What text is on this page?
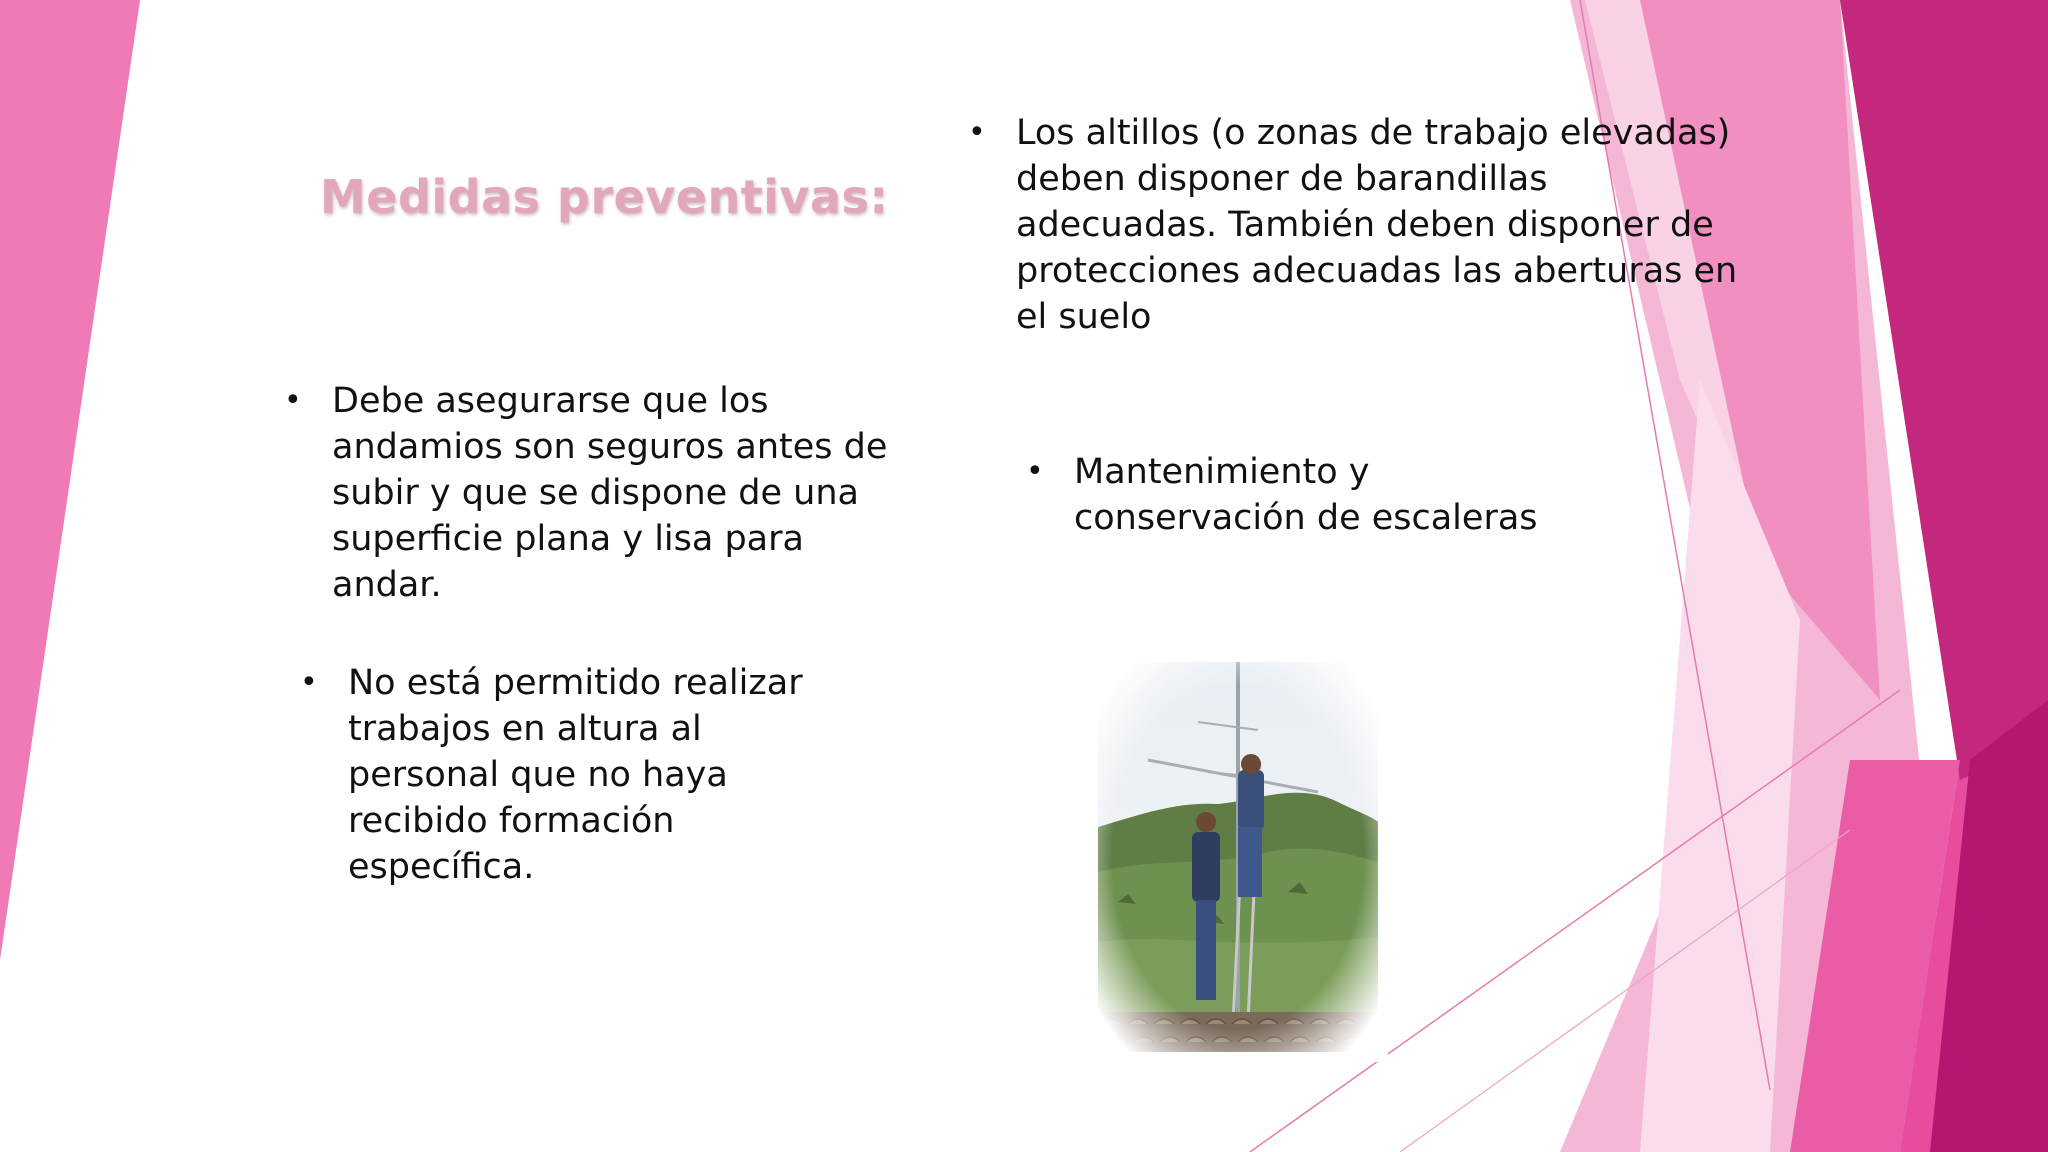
Medidas preventivas:
• Los altillos (o zonas de trabajo elevadas)
deben disponer de barandillas
adecuadas. También deben disponer de
protecciones adecuadas las aberturas en
el suelo
• Debe asegurarse que los
andamios son seguros antes de
subir y que se dispone de una
superficie plana y lisa para
andar.
• No está permitido realizar
trabajos en altura al
personal que no haya
recibido formación
específica.
• Mantenimiento y
conservación de escaleras
